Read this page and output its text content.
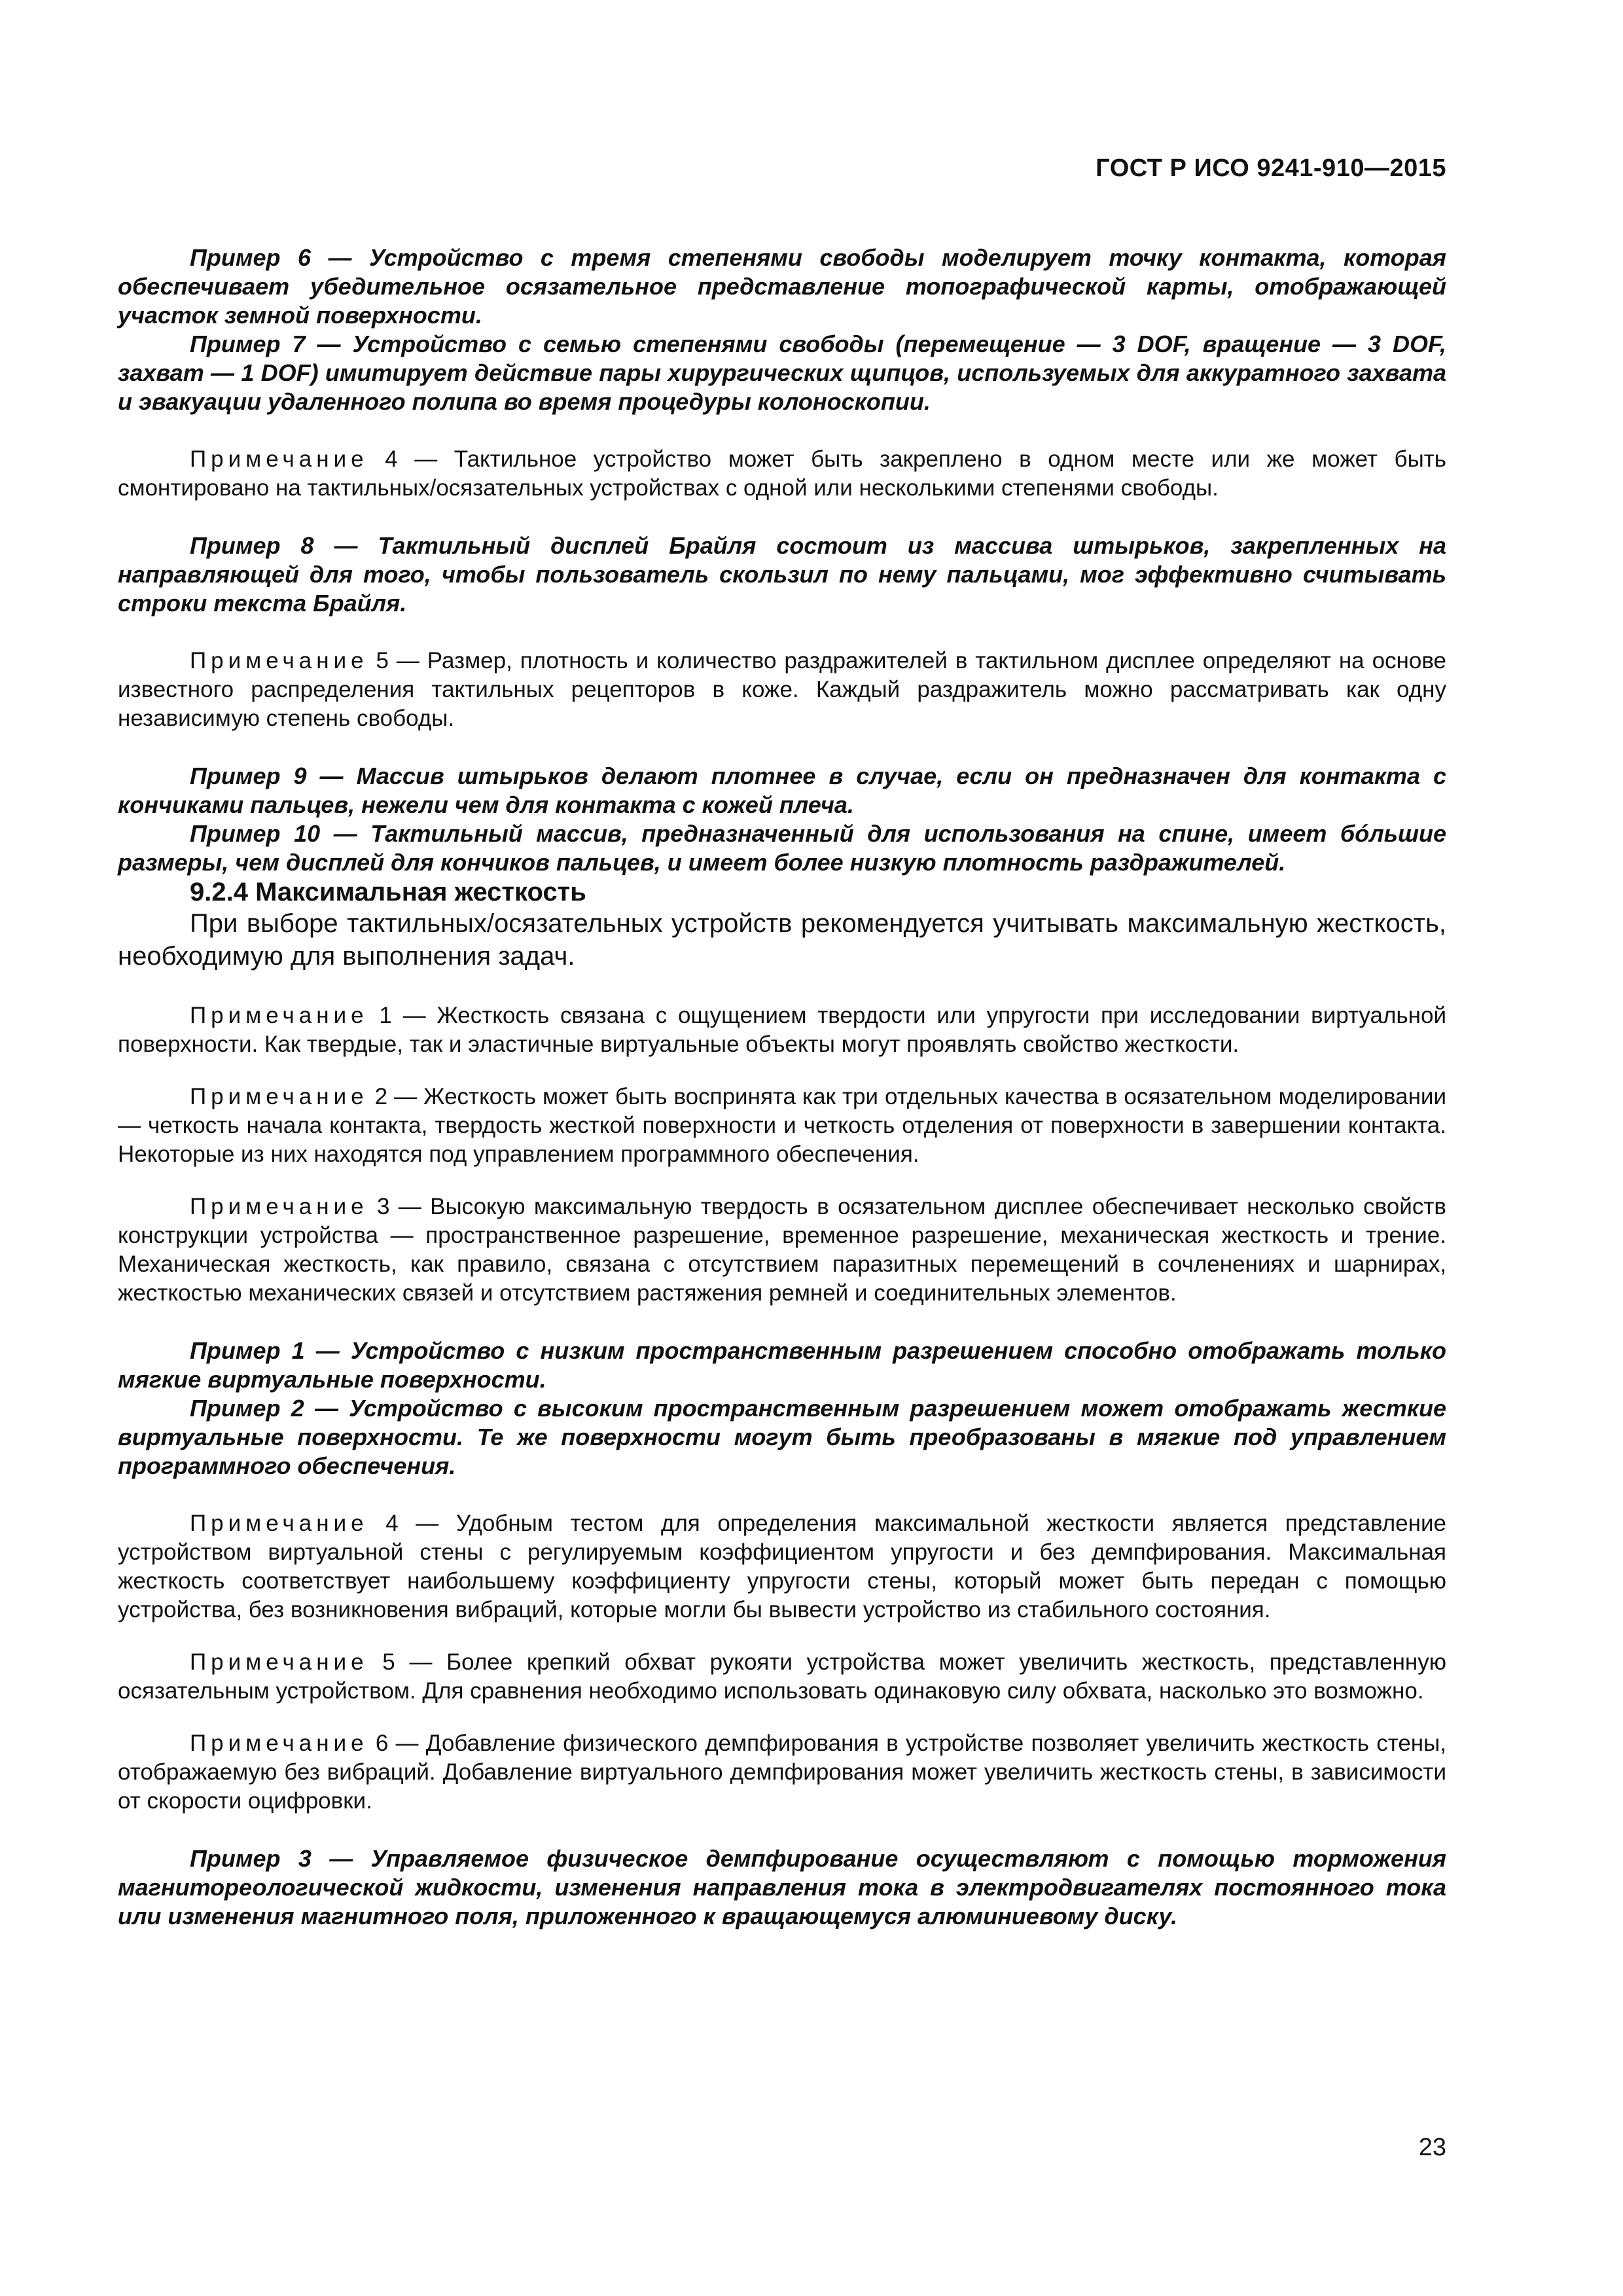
ГОСТ Р ИСО 9241-910—2015

Пример 6 — Устройство с тремя степенями свободы моделирует точку контакта, которая обеспечивает убедительное осязательное представление топографической карты, отображающей участок земной поверхности.

Пример 7 — Устройство с семью степенями свободы (перемещение — 3 DOF, вращение — 3 DOF, захват — 1 DOF) имитирует действие пары хирургических щипцов, используемых для аккуратного захвата и эвакуации удаленного полипа во время процедуры колоноскопии.

Примечание 4 — Тактильное устройство может быть закреплено в одном месте или же может быть смонтировано на тактильных/осязательных устройствах с одной или несколькими степенями свободы.

Пример 8 — Тактильный дисплей Брайля состоит из массива штырьков, закрепленных на направляющей для того, чтобы пользователь скользил по нему пальцами, мог эффективно считывать строки текста Брайля.

Примечание 5 — Размер, плотность и количество раздражителей в тактильном дисплее определяют на основе известного распределения тактильных рецепторов в коже. Каждый раздражитель можно рассматривать как одну независимую степень свободы.

Пример 9 — Массив штырьков делают плотнее в случае, если он предназначен для контакта с кончиками пальцев, нежели чем для контакта с кожей плеча.

Пример 10 — Тактильный массив, предназначенный для использования на спине, имеет бóльшие размеры, чем дисплей для кончиков пальцев, и имеет более низкую плотность раздражителей.

9.2.4 Максимальная жесткость

При выборе тактильных/осязательных устройств рекомендуется учитывать максимальную жесткость, необходимую для выполнения задач.

Примечание 1 — Жесткость связана с ощущением твердости или упругости при исследовании виртуальной поверхности. Как твердые, так и эластичные виртуальные объекты могут проявлять свойство жесткости.

Примечание 2 — Жесткость может быть воспринята как три отдельных качества в осязательном моделировании — четкость начала контакта, твердость жесткой поверхности и четкость отделения от поверхности в завершении контакта. Некоторые из них находятся под управлением программного обеспечения.

Примечание 3 — Высокую максимальную твердость в осязательном дисплее обеспечивает несколько свойств конструкции устройства — пространственное разрешение, временное разрешение, механическая жесткость и трение. Механическая жесткость, как правило, связана с отсутствием паразитных перемещений в сочленениях и шарнирах, жесткостью механических связей и отсутствием растяжения ремней и соединительных элементов.

Пример 1 — Устройство с низким пространственным разрешением способно отображать только мягкие виртуальные поверхности.

Пример 2 — Устройство с высоким пространственным разрешением может отображать жесткие виртуальные поверхности. Те же поверхности могут быть преобразованы в мягкие под управлением программного обеспечения.

Примечание 4 — Удобным тестом для определения максимальной жесткости является представление устройством виртуальной стены с регулируемым коэффициентом упругости и без демпфирования. Максимальная жесткость соответствует наибольшему коэффициенту упругости стены, который может быть передан с помощью устройства, без возникновения вибраций, которые могли бы вывести устройство из стабильного состояния.

Примечание 5 — Более крепкий обхват рукояти устройства может увеличить жесткость, представленную осязательным устройством. Для сравнения необходимо использовать одинаковую силу обхвата, насколько это возможно.

Примечание 6 — Добавление физического демпфирования в устройстве позволяет увеличить жесткость стены, отображаемую без вибраций. Добавление виртуального демпфирования может увеличить жесткость стены, в зависимости от скорости оцифровки.

Пример 3 — Управляемое физическое демпфирование осуществляют с помощью торможения магнитореологической жидкости, изменения направления тока в электродвигателях постоянного тока или изменения магнитного поля, приложенного к вращающемуся алюминиевому диску.

23
